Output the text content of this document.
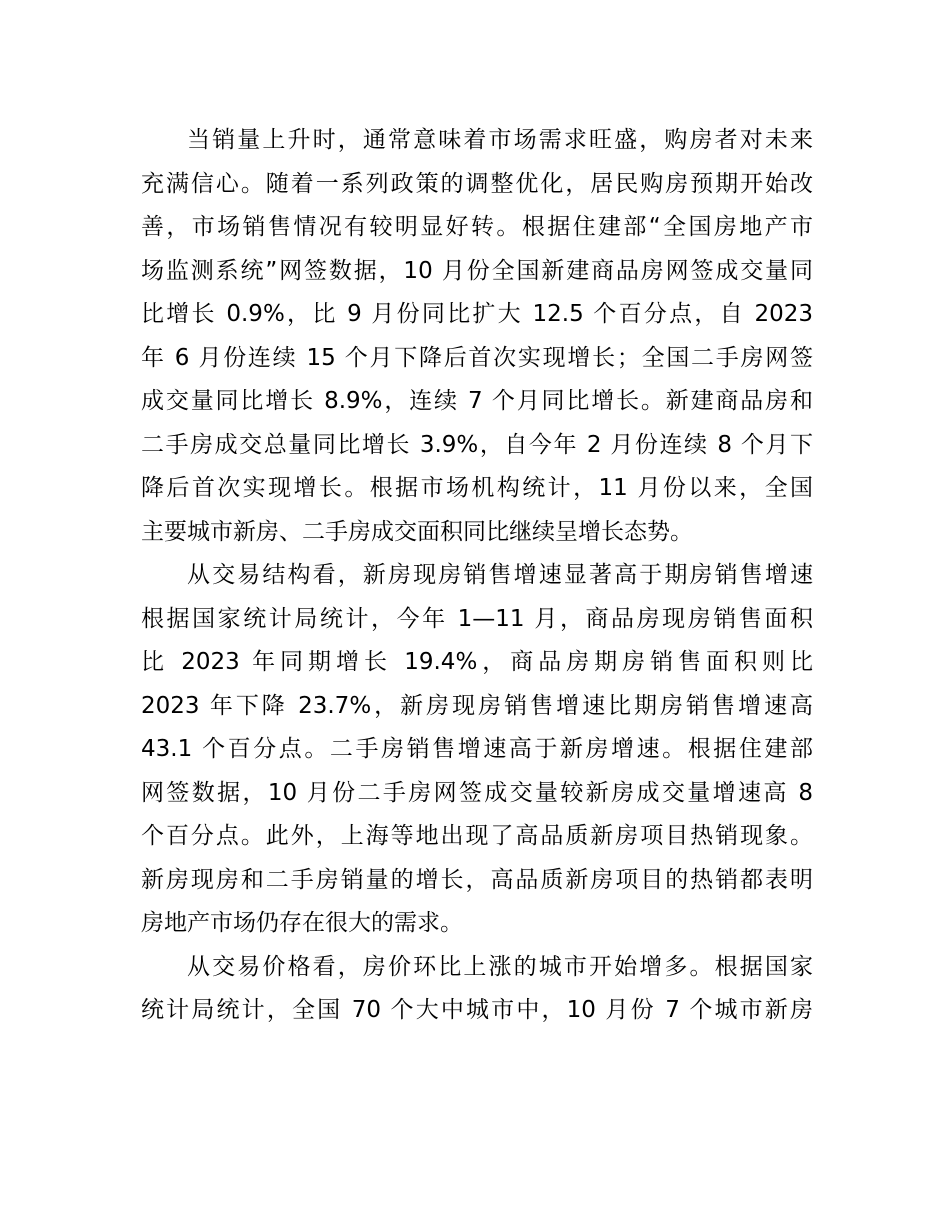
当销量上升时，通常意味着市场需求旺盛，购房者对未来
充满信心。随着一系列政策的调整优化，居民购房预期开始改
善，市场销售情况有较明显好转。根据住建部“全国房地产市
场监测系统”网签数据，10 月份全国新建商品房网签成交量同
比增长 0.9%，比 9 月份同比扩大 12.5 个百分点，自 2023
年 6 月份连续 15 个月下降后首次实现增长；全国二手房网签
成交量同比增长 8.9%，连续 7 个月同比增长。新建商品房和
二手房成交总量同比增长 3.9%，自今年 2 月份连续 8 个月下
降后首次实现增长。根据市场机构统计，11 月份以来，全国
主要城市新房、二手房成交面积同比继续呈增长态势。
从交易结构看，新房现房销售增速显著高于期房销售增速
根据国家统计局统计，今年 1—11 月，商品房现房销售面积
比 2023 年同期增长 19.4%，商品房期房销售面积则比
2023 年下降 23.7%，新房现房销售增速比期房销售增速高
43.1 个百分点。二手房销售增速高于新房增速。根据住建部
网签数据，10 月份二手房网签成交量较新房成交量增速高 8
个百分点。此外，上海等地出现了高品质新房项目热销现象。
新房现房和二手房销量的增长，高品质新房项目的热销都表明
房地产市场仍存在很大的需求。
从交易价格看，房价环比上涨的城市开始增多。根据国家
统计局统计，全国 70 个大中城市中，10 月份 7 个城市新房
